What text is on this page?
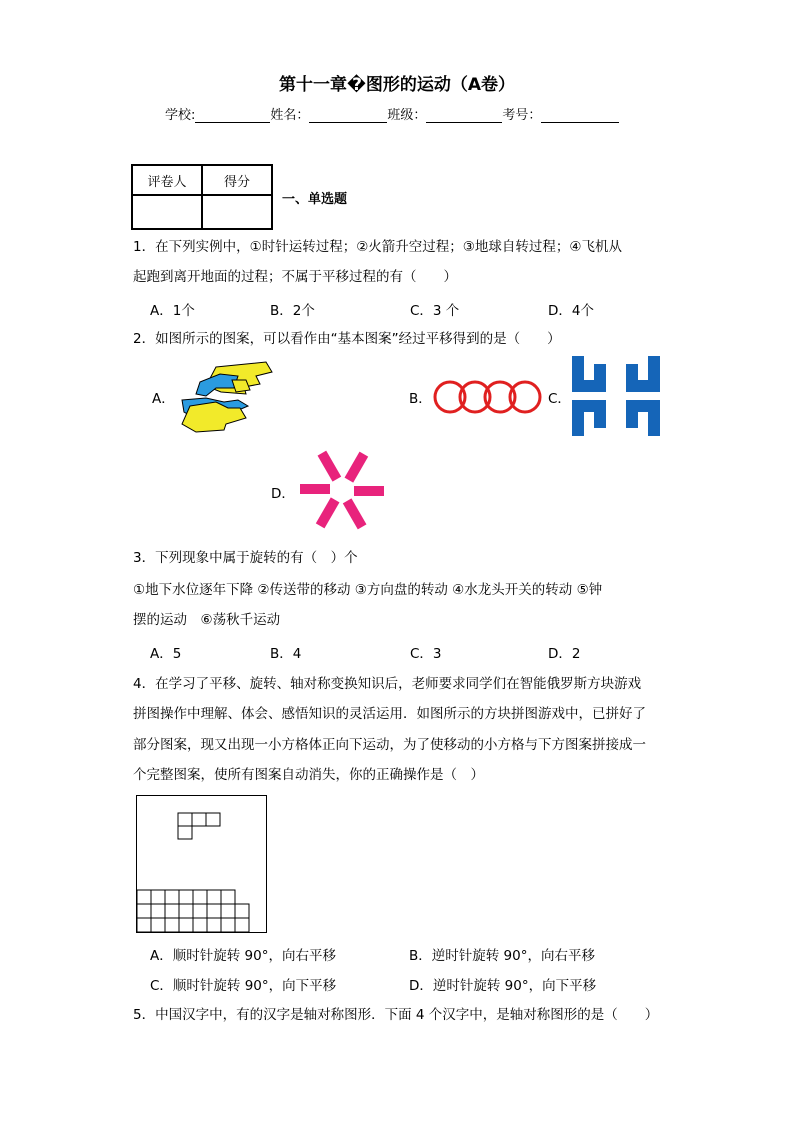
第十一章�图形的运动（A卷）
学校:	姓名：	班级：	考号：
评卷人	得分

一、单选题
1．在下列实例中，①时针运转过程；②火箭升空过程；③地球自转过程；④飞机从
起跑到离开地面的过程；不属于平移过程的有（　　）
A．1个	B．2个	C．3 个	D．4个
2．如图所示的图案，可以看作由“基本图案”经过平移得到的是（　　）
A．	B．	C．
D．
3．下列现象中属于旋转的有（　）个
①地下水位逐年下降 ②传送带的移动 ③方向盘的转动 ④水龙头开关的转动 ⑤钟
摆的运动　⑥荡秋千运动
A．5	B．4	C．3	D．2
4．在学习了平移、旋转、轴对称变换知识后，老师要求同学们在智能俄罗斯方块游戏
拼图操作中理解、体会、感悟知识的灵活运用．如图所示的方块拼图游戏中，已拼好了
部分图案，现又出现一小方格体正向下运动，为了使移动的小方格与下方图案拼接成一
个完整图案，使所有图案自动消失，你的正确操作是（　）
A．顺时针旋转 90°，向右平移	B．逆时针旋转 90°，向右平移
C．顺时针旋转 90°，向下平移	D．逆时针旋转 90°，向下平移
5．中国汉字中，有的汉字是轴对称图形．下面 4 个汉字中，是轴对称图形的是（　　）
